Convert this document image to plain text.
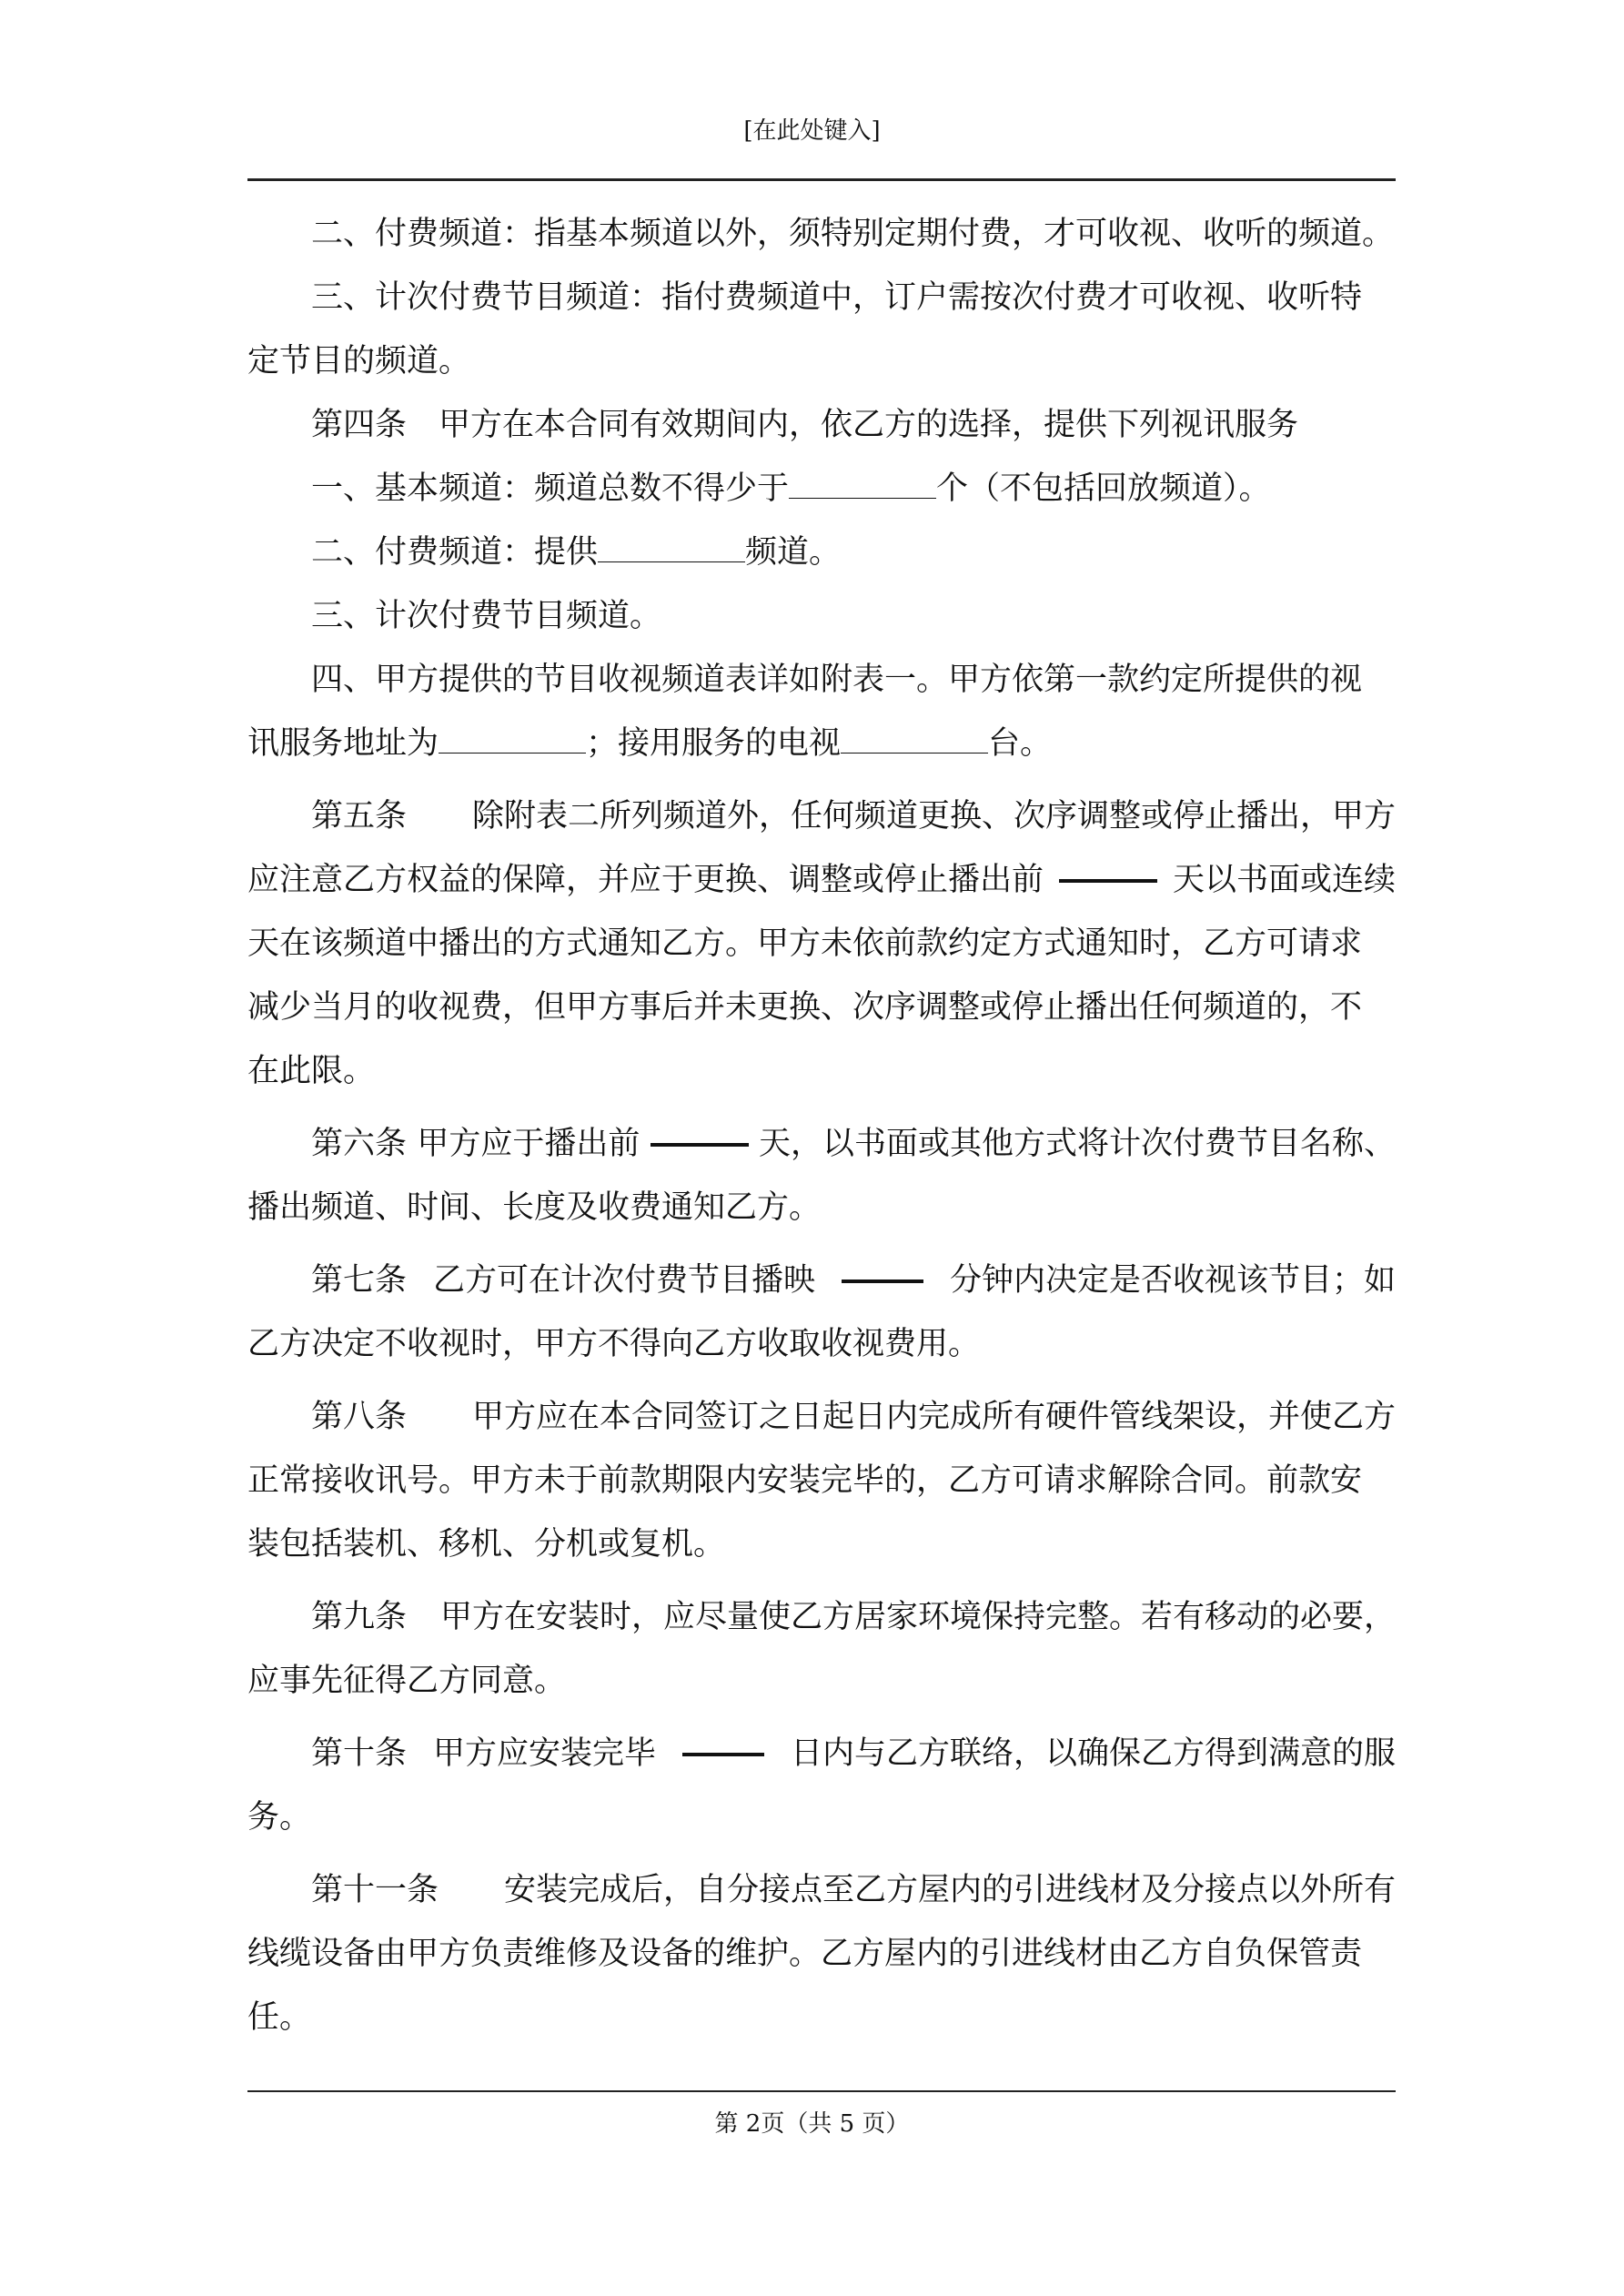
[在此处键入]
二、付费频道：指基本频道以外，须特别定期付费，才可收视、收听的频道。
三、计次付费节目频道：指付费频道中，订户需按次付费才可收视、收听特
定节目的频道。
第四条 甲方在本合同有效期间内，依乙方的选择，提供下列视讯服务
一、基本频道：频道总数不得少于	个（不包括回放频道）。
二、付费频道：提供	频道。
三、计次付费节目频道。
四、甲方提供的节目收视频道表详如附表一。甲方依第一款约定所提供的视
讯服务地址为	；接用服务的电视	台。
第五条 除附表二所列频道外，任何频道更换、次序调整或停止播出，甲方
应注意乙方权益的保障，并应于更换、调整或停止播出前	天以书面或连续
天在该频道中播出的方式通知乙方。甲方未依前款约定方式通知时，乙方可请求
减少当月的收视费，但甲方事后并未更换、次序调整或停止播出任何频道的，不
在此限。
第六条 甲方应于播出前	天，以书面或其他方式将计次付费节目名称、
播出频道、时间、长度及收费通知乙方。
第七条 乙方可在计次付费节目播映	分钟内决定是否收视该节目；如
乙方决定不收视时，甲方不得向乙方收取收视费用。
第八条 甲方应在本合同签订之日起日内完成所有硬件管线架设，并使乙方
正常接收讯号。甲方未于前款期限内安装完毕的，乙方可请求解除合同。前款安
装包括装机、移机、分机或复机。
第九条 甲方在安装时，应尽量使乙方居家环境保持完整。若有移动的必要，
应事先征得乙方同意。
第十条 甲方应安装完毕	日内与乙方联络，以确保乙方得到满意的服
务。
第十一条 安装完成后，自分接点至乙方屋内的引进线材及分接点以外所有
线缆设备由甲方负责维修及设备的维护。乙方屋内的引进线材由乙方自负保管责
任。
第 2页（共 5 页）
